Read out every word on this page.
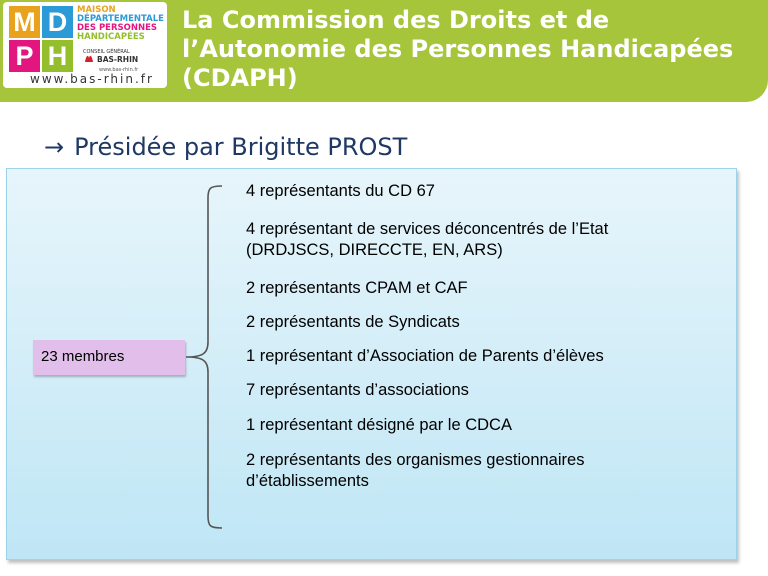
M D
P H
MAISON
DÉPARTEMENTALE
DES PERSONNES
HANDICAPÉES
CONSEIL GÉNÉRAL
BAS-RHIN
www.bas-rhin.fr
www.bas-rhin.fr
La Commission des Droits et de l’Autonomie des Personnes Handicapées (CDAPH)
→ Présidée par Brigitte PROST
23 membres
4 représentants du CD 67
4 représentant de services déconcentrés de l’Etat (DRDJSCS, DIRECCTE, EN, ARS)
2 représentants CPAM et CAF
2 représentants de Syndicats
1 représentant d’Association de Parents d’élèves
7 représentants d’associations
1 représentant désigné par le CDCA
2 représentants des organismes gestionnaires d’établissements
